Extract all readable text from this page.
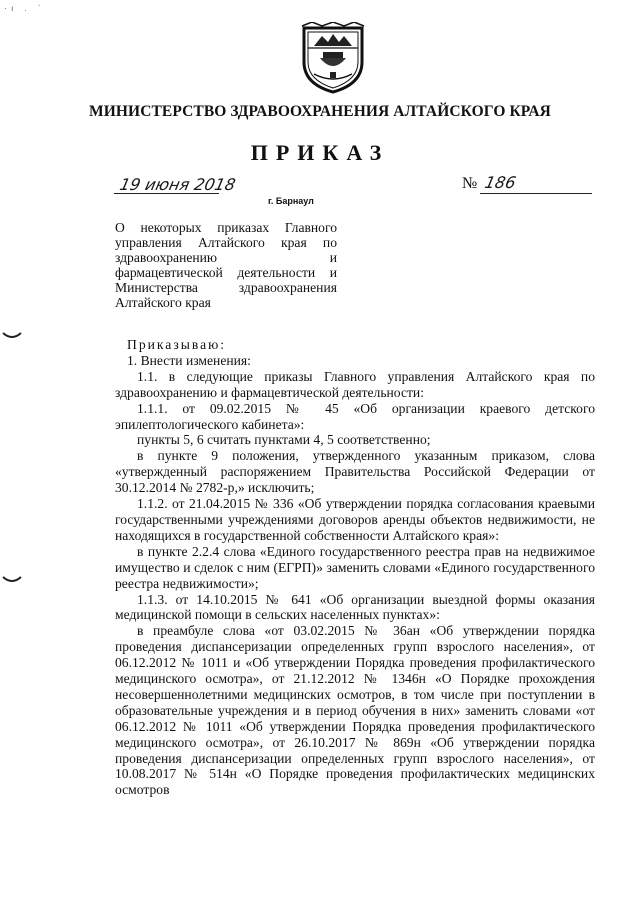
·  ı     .     ˋ
МИНИСТЕРСТВО ЗДРАВООХРАНЕНИЯ АЛТАЙСКОГО КРАЯ
ПРИКАЗ
19 июня 2018
г. Барнаул
№ 186
О некоторых приказах Главного управления Алтайского края по здравоохранению и фармацевтической деятельности и Министерства здравоохранения Алтайского края

Приказываю:

1. Внести изменения:

1.1. в следующие приказы Главного управления Алтайского края по здравоохранению и фармацевтической деятельности:

1.1.1. от 09.02.2015 № 45 «Об организации краевого детского эпилептологического кабинета»:

пункты 5, 6 считать пунктами 4, 5 соответственно;

в пункте 9 положения, утвержденного указанным приказом, слова «утвержденный распоряжением Правительства Российской Федерации от 30.12.2014 № 2782-р,» исключить;

1.1.2. от 21.04.2015 № 336 «Об утверждении порядка согласования краевыми государственными учреждениями договоров аренды объектов недвижимости, не находящихся в государственной собственности Алтайского края»:

в пункте 2.2.4 слова «Единого государственного реестра прав на недвижимое имущество и сделок с ним (ЕГРП)» заменить словами «Единого государственного реестра недвижимости»;

1.1.3. от 14.10.2015 № 641 «Об организации выездной формы оказания медицинской помощи в сельских населенных пунктах»:

в преамбуле слова «от 03.02.2015 № 36ан «Об утверждении порядка проведения диспансеризации определенных групп взрослого населения», от 06.12.2012 № 1011 и «Об утверждении Порядка проведения профилактического медицинского осмотра», от 21.12.2012 № 1346н «О Порядке прохождения несовершеннолетними медицинских осмотров, в том числе при поступлении в образовательные учреждения и в период обучения в них» заменить словами «от 06.12.2012 № 1011 «Об утверждении Порядка проведения профилактического медицинского осмотра», от 26.10.2017 № 869н «Об утверждении порядка проведения диспансеризации определенных групп взрослого населения», от 10.08.2017 № 514н «О Порядке проведения профилактических медицинских осмотров
